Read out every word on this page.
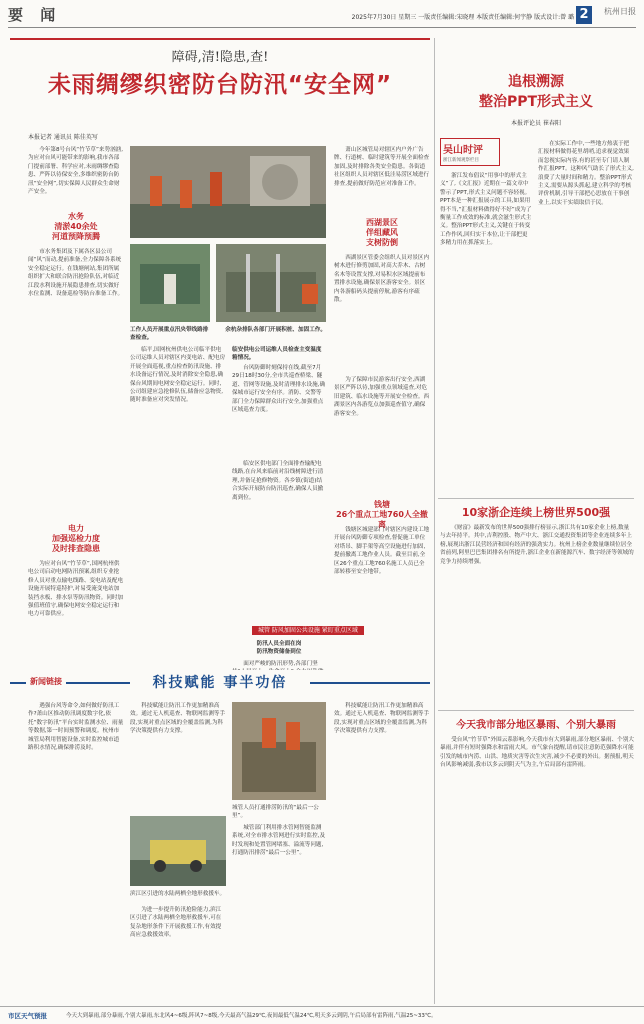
要 闻	2025年7月30日 星期三 一版责任编辑:宋晓理 本版责任编辑:何宇静 版式设计:曾 璐 2	杭州日报
障碍,清!隐患,查!
未雨绸缪织密防台防汛“安全网”
本报记者 通讯员 陈佳英写

今年第8号台风“竹节草”来势汹汹,为应对台风可能带来的影响,我市各部门提前部署、科学应对,未雨绸缪查隐患、严阵以待保安全,多维织密防台防汛“安全网”,切实保障人民群众生命财产安全。

水务
清淤40余处
河道预降预腾

市水务集团及下属各区县公司闻“风”而动,提前准备,全力保障各系统安全稳定运行。在钱塘闸站,集团所属组织扩大和联合防汛抢险队伍,对临近江段水利设施开展隐患排查,切实做好水位监测、设备巡检等防台准备工作。

电力
加强巡检力度
及时排查隐患

为应对台风“竹节草”,国网杭州供电公司启动电网防汛预案,组织专业抢修人员对重点输电线路、变电站及配电设施开展特巡特护,对易受淹变电站加装挡水板、排水泵等防汛物资。同时加强值班值守,确保电网安全稳定运行和电力可靠供应。

工作人员开展重点汛央带线路排查检查。
余杭杂排队各部门开展积桩、加固工作。

临平,国网杭州供电公司临平供电公司运维人员对辖区内变电站、配电房开展全面巡视,重点检查防汛设施、排水设备运行情况,及时消除安全隐患,确保台风期间电网安全稳定运行。同时,公司组建应急抢修队伍,储备应急物资,随时准备应对突发情况。

临安供电公司运维人员检查主变温度箱情况。

台风防御时刻保持在线,截至7月29日18时30分,全市共巡查桥梁、隧道、管网等设施,及时清理排水设施,确保城市运行安全有序。消防、交警等部门全力保障群众出行安全,加强重点区域巡查力度。

临安区供电部门全面排查输配电线路,在台风来临前对沿线树障进行清理,并备足抢修物资。各乡镇(街道)结合实际开展防台防汛巡查,确保人员撤离到位。

城管 防风加固公共设施 紧盯重点区域
防汛人员全面在岗
防汛物资储备到位

面对严峻的防汛形势,各部门坚

萧山区城管局对辖区内户外广告牌、行道树、临时建筑等开展全面检查加固,及时排除各类安全隐患。各街道社区组织人员对辖区低洼易涝区域进行排查,提前做好防范应对准备工作。

西湖景区
伴组藏风
支树防倒

西湖景区管委会组织人员对景区内树木进行修剪加固,对高大乔木、古树名木等设置支撑,对易积水区域提前布置排水设施,确保景区游客安全。景区内各游船码头提前停航,游客有序疏散。

为了保障市民游客出行安全,西湖景区严阵以待,加强重点领域巡查,对危旧建筑、临水设施等开展安全检查。西湖景区内各游览点加强巡查值守,确保游客安全。

钱塘
26个重点工地760人全撤离

钱塘区城建部门对辖区内建设工地开展台风防御专项检查,督促施工单位对塔吊、脚手架等高空设施进行加固,提前撤离工地作业人员。截至目前,全区26个重点工地760名施工人员已全部转移至安全地带。

追根溯源
整治PPT形式主义
本报评论员 崔春阳
吴山时评
浙江新闻观察栏目

浙江发布倡议“用事中的形式主义”了,《文汇报》近期在一篇文章中警示了PPT,形式主义问题不容轻视。PPT本是一种汇报展示的工具,如果用得不当,“汇报材料做得好不好”成为了衡量工作成效的标准,就会滋生形式主义。整治PPT形式主义,关键在于转变工作作风,回归实干本位,让干部把更多精力用在抓落实上。

在实际工作中,一些地方热衷于把汇报材料做得花里胡哨,追求视觉效果而忽视实际内容,有的甚至专门请人制作汇报PPT。这种风气助长了形式主义,浪费了大量时间和精力。整治PPT形式主义,需要从源头抓起,建立科学的考核评价机制,引导干部把心思放在干事创业上,以实干实绩取信于民。

10家浙企连续上榜世界500强

《财富》最新发布的世界500强排行榜显示,浙江共有10家企业上榜,数量与去年持平。其中,吉利控股、物产中大、浙江交通投资集团等企业连续多年上榜,展现出浙江民营经济和国有经济的强劲实力。杭州上榜企业数量继续位居全省前列,阿里巴巴集团排名有所提升,浙江企业在新能源汽车、数字经济等领域的竞争力持续增强。

今天我市部分地区暴雨、个别大暴雨

受台风“竹节草”外围云系影响,今天我市有大到暴雨,部分地区暴雨、个别大暴雨,并伴有短时强降水和雷雨大风。市气象台提醒,请市民注意防范强降水可能引发的城市内涝、山洪、地质灾害等次生灾害,减少不必要的外出。据预报,明天台风影响减弱,我市以多云到阴天气为主,午后局部有雷阵雨。

新闻链接	科技赋能 事半功倍

遇强台风等命令,如何做好防汛工作?萧山区推动防汛调度数字化,依托“数字防汛”平台实时监测水位、雨量等数据,第一时间预警和调度。杭州市城管局利用智能设备,实时监控城市道路积水情况,确保排涝及时。

科技赋能让防汛工作更加精准高效。通过无人机巡查、物联网监测等手段,实现对重点区域的全覆盖监测,为科学决策提供有力支撑。

滨江区引进的水陆两栖全地形救援车。
城管人员打通排涝防汛的“最后一公里”。

为进一步提升防汛抢险能力,滨江区引进了水陆两栖全地形救援车,可在复杂地形条件下开展救援工作,有效提高应急救援效率。

城管部门利用排水管网智能监测系统,对全市排水管网进行实时监控,及时发现和处置管网堵塞、溢流等问题,打通防汛排涝“最后一公里”。

科技赋能让防汛工作更加精准高效。通过无人机巡查、物联网监测等手段,实现对重点区域的全覆盖监测,为科学决策提供有力支撑。

市区天气预报	今天大到暴雨,部分暴雨,个别大暴雨,东北风4~6级,阵风7~8级,今天最高气温29℃,夜间最低气温24℃,明天多云到阴,午后局部有雷阵雨,气温25~33℃。
